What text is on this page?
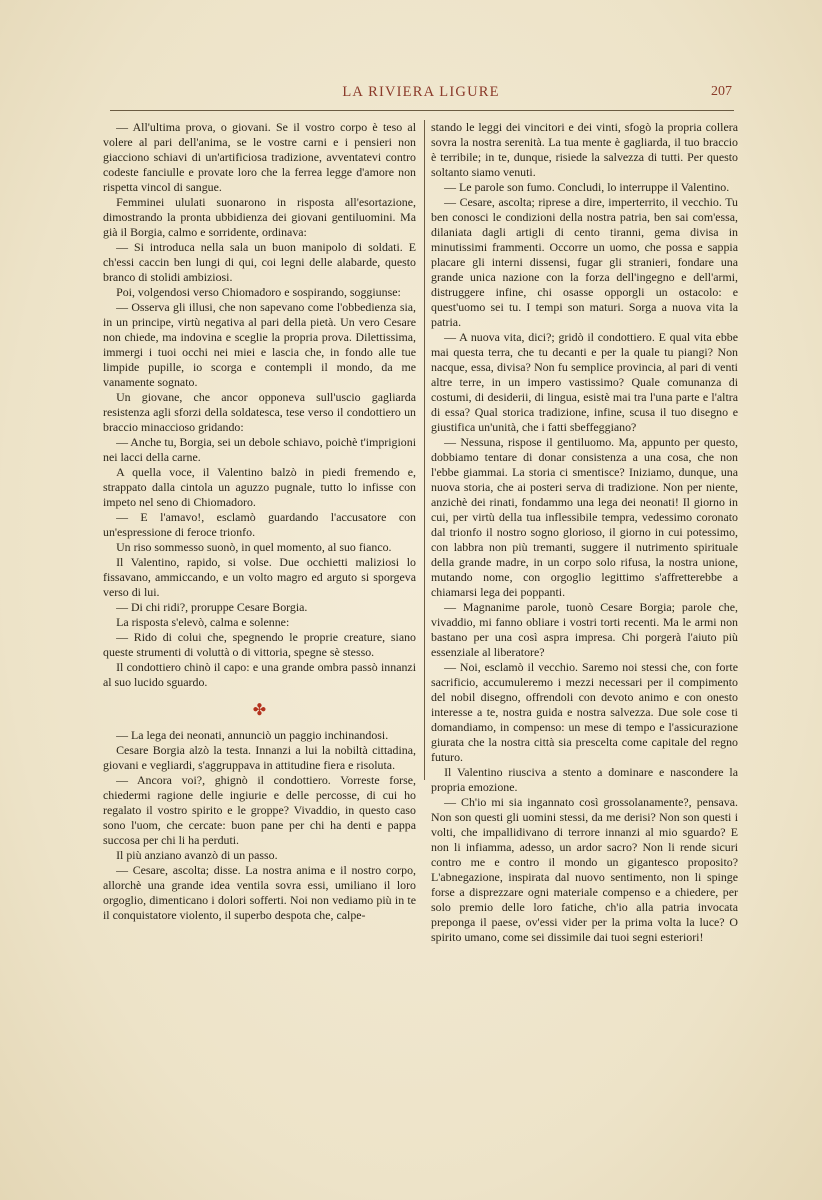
LA RIVIERA LIGURE	207

— All'ultima prova, o giovani. Se il vostro corpo è teso al volere al pari dell'anima, se le vostre carni e i pensieri non giacciono schiavi di un'artificiosa tradizione, avventatevi contro codeste fanciulle e provate loro che la ferrea legge d'amore non rispetta vincol di sangue.

Femminei ululati suonarono in risposta all'esortazione, dimostrando la pronta ubbidienza dei giovani gentiluomini. Ma già il Borgia, calmo e sorridente, ordinava:

— Si introduca nella sala un buon manipolo di soldati. E ch'essi caccin ben lungi di qui, coi legni delle alabarde, questo branco di stolidi ambiziosi.

Poi, volgendosi verso Chiomadoro e sospirando, soggiunse:

— Osserva gli illusi, che non sapevano come l'obbedienza sia, in un principe, virtù negativa al pari della pietà. Un vero Cesare non chiede, ma indovina e sceglie la propria prova. Dilettissima, immergi i tuoi occhi nei miei e lascia che, in fondo alle tue limpide pupille, io scorga e contempli il mondo, da me vanamente sognato.

Un giovane, che ancor opponeva sull'uscio gagliarda resistenza agli sforzi della soldatesca, tese verso il condottiero un braccio minaccioso gridando:

— Anche tu, Borgia, sei un debole schiavo, poichè t'imprigioni nei lacci della carne.

A quella voce, il Valentino balzò in piedi fremendo e, strappato dalla cintola un aguzzo pugnale, tutto lo infisse con impeto nel seno di Chiomadoro.

— E l'amavo!, esclamò guardando l'accusatore con un'espressione di feroce trionfo.

Un riso sommesso suonò, in quel momento, al suo fianco.

Il Valentino, rapido, si volse. Due occhietti maliziosi lo fissavano, ammiccando, e un volto magro ed arguto si sporgeva verso di lui.

— Di chi ridi?, proruppe Cesare Borgia.

La risposta s'elevò, calma e solenne:

— Rido di colui che, spegnendo le proprie creature, siano queste strumenti di voluttà o di vittoria, spegne sè stesso.

Il condottiero chinò il capo: e una grande ombra passò innanzi al suo lucido sguardo.

✤

— La lega dei neonati, annunciò un paggio inchinandosi.

Cesare Borgia alzò la testa. Innanzi a lui la nobiltà cittadina, giovani e vegliardi, s'aggruppava in attitudine fiera e risoluta.

— Ancora voi?, ghignò il condottiero. Vorreste forse, chiedermi ragione delle ingiurie e delle percosse, di cui ho regalato il vostro spirito e le groppe? Vivaddio, in questo caso sono l'uom, che cercate: buon pane per chi ha denti e pappa succosa per chi li ha perduti.

Il più anziano avanzò di un passo.

— Cesare, ascolta; disse. La nostra anima e il nostro corpo, allorchè una grande idea ventila sovra essi, umiliano il loro orgoglio, dimenticano i dolori sofferti. Noi non vediamo più in te il conquistatore violento, il superbo despota che, calpe-

stando le leggi dei vincitori e dei vinti, sfogò la propria collera sovra la nostra serenità. La tua mente è gagliarda, il tuo braccio è terribile; in te, dunque, risiede la salvezza di tutti. Per questo soltanto siamo venuti.

— Le parole son fumo. Concludi, lo interruppe il Valentino.

— Cesare, ascolta; riprese a dire, imperterrito, il vecchio. Tu ben conosci le condizioni della nostra patria, ben sai com'essa, dilaniata dagli artigli di cento tiranni, gema divisa in minutissimi frammenti. Occorre un uomo, che possa e sappia placare gli interni dissensi, fugar gli stranieri, fondare una grande unica nazione con la forza dell'ingegno e dell'armi, distruggere infine, chi osasse opporgli un ostacolo: e quest'uomo sei tu. I tempi son maturi. Sorga a nuova vita la patria.

— A nuova vita, dici?; gridò il condottiero. E qual vita ebbe mai questa terra, che tu decanti e per la quale tu piangi? Non nacque, essa, divisa? Non fu semplice provincia, al pari di venti altre terre, in un impero vastissimo? Quale comunanza di costumi, di desiderii, di lingua, esistè mai tra l'una parte e l'altra di essa? Qual storica tradizione, infine, scusa il tuo disegno e giustifica un'unità, che i fatti sbeffeggiano?

— Nessuna, rispose il gentiluomo. Ma, appunto per questo, dobbiamo tentare di donar consistenza a una cosa, che non l'ebbe giammai. La storia ci smentisce? Iniziamo, dunque, una nuova storia, che ai posteri serva di tradizione. Non per niente, anzichè dei rinati, fondammo una lega dei neonati! Il giorno in cui, per virtù della tua inflessibile tempra, vedessimo coronato dal trionfo il nostro sogno glorioso, il giorno in cui potessimo, con labbra non più tremanti, suggere il nutrimento spirituale della grande madre, in un corpo solo rifusa, la nostra unione, mutando nome, con orgoglio legittimo s'affretterebbe a chiamarsi lega dei poppanti.

— Magnanime parole, tuonò Cesare Borgia; parole che, vivaddio, mi fanno obliare i vostri torti recenti. Ma le armi non bastano per una così aspra impresa. Chi porgerà l'aiuto più essenziale al liberatore?

— Noi, esclamò il vecchio. Saremo noi stessi che, con forte sacrificio, accumuleremo i mezzi necessari per il compimento del nobil disegno, offrendoli con devoto animo e con onesto interesse a te, nostra guida e nostra salvezza. Due sole cose ti domandiamo, in compenso: un mese di tempo e l'assicurazione giurata che la nostra città sia prescelta come capitale del regno futuro.

Il Valentino riusciva a stento a dominare e nascondere la propria emozione.

— Ch'io mi sia ingannato così grossolanamente?, pensava. Non son questi gli uomini stessi, da me derisi? Non son questi i volti, che impallidivano di terrore innanzi al mio sguardo? E non li infiamma, adesso, un ardor sacro? Non li rende sicuri contro me e contro il mondo un gigantesco proposito? L'abnegazione, inspirata dal nuovo sentimento, non li spinge forse a disprezzare ogni materiale compenso e a chiedere, per solo premio delle loro fatiche, ch'io alla patria invocata preponga il paese, ov'essi vider per la prima volta la luce? O spirito umano, come sei dissimile dai tuoi segni esteriori!
